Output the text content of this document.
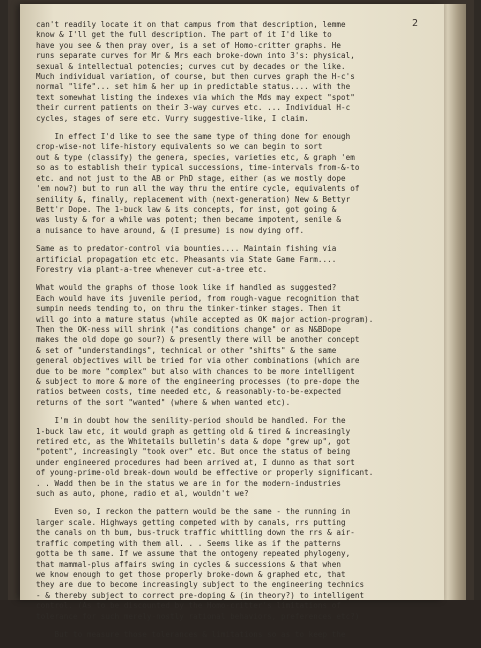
2
can't readily locate it on that campus from that description, lemme
know & I'll get the full description. The part of it I'd like to
have you see & then pray over, is a set of Homo-critter graphs. He
runs separate curves for Mr & Mrs each broke-down into 3's: physical,
sexual & intellectual potencies; curves cut by decades or the like.
Much individual variation, of course, but then curves graph the H-c's
normal "life"... set him & her up in predictable status.... with the
text somewhat listing the indexes via which the Mds may expect "spot"
their current patients on their 3-way curves etc. ... Individual H-c
cycles, stages of sere etc. Vurry suggestive-like, I claim.
In effect I'd like to see the same type of thing done for enough
crop-wise-not life-history equivalents so we can begin to sort
out & type (classify) the genera, species, varieties etc, & graph 'em
so as to establish their typical successions, time-intervals from-&-to
etc. and not just to the AB or PhD stage, either (as we mostly dope
'em now?) but to run all the way thru the entire cycle, equivalents of
senility &, finally, replacement with (next-generation) New & Bettyr
Bett'r Dope. The 1-buck law & its concepts, for inst, got going &
was lusty & for a while was potent; then became impotent, senile &
a nuisance to have around, & (I presume) is now dying off.
Same as to predator-control via bounties.... Maintain fishing via
artificial propagation etc etc. Pheasants via State Game Farm....
Forestry via plant-a-tree whenever cut-a-tree etc.
What would the graphs of those look like if handled as suggested?
Each would have its juvenile period, from rough-vague recognition that
sumpin needs tending to, on thru the tinker-tinker stages. Then it
will go into a mature status (while accepted as OK major action-program).
Then the OK-ness will shrink ("as conditions change" or as N&BDope
makes the old dope go sour?) & presently there will be another concept
& set of "understandings", technical or other "shifts" & the same
general objectives will be tried for via other combinations (which are
due to be more "complex" but also with chances to be more intelligent
& subject to more & more of the engineering processes (to pre-dope the
ratios between costs, time needed etc, & reasonably-to-be-expected
returns of the sort "wanted" (where & when wanted etc).
I'm in doubt how the senility-period should be handled. For the
1-buck law etc, it would graph as getting old & tired & increasingly
retired etc, as the Whitetails bulletin's data & dope "grew up", got
"potent", increasingly "took over" etc. But once the status of being
under engineered procedures had been arrived at, I dunno as that sort
of young-prime-old break-down would be effective or properly significant.
. . Wadd then be in the status we are in for the modern-industries
such as auto, phone, radio et al, wouldn't we?
Even so, I reckon the pattern would be the same - the running in
larger scale. Highways getting competed with by canals, rrs putting
the canals on th bum, bus-truck traffic whittling down the rrs & air-
traffic competing with them all. . . Seems like as if the patterns
gotta be th same. If we assume that the ontogeny repeated phylogeny,
that mammal-plus affairs swing in cycles & successions & that when
we know enough to get those properly broke-down & graphed etc, that
they are due to become increasingly subject to the engineering technics
- & thereby subject to correct pre-doping & (in theory?) to intelligent
control. (As to be discounted by the Homo-critter's limitations of
tolerance for such merely-nostly rational behaviors, preferences etc?)
But to measure those tolerances & limitations so as to keep the
